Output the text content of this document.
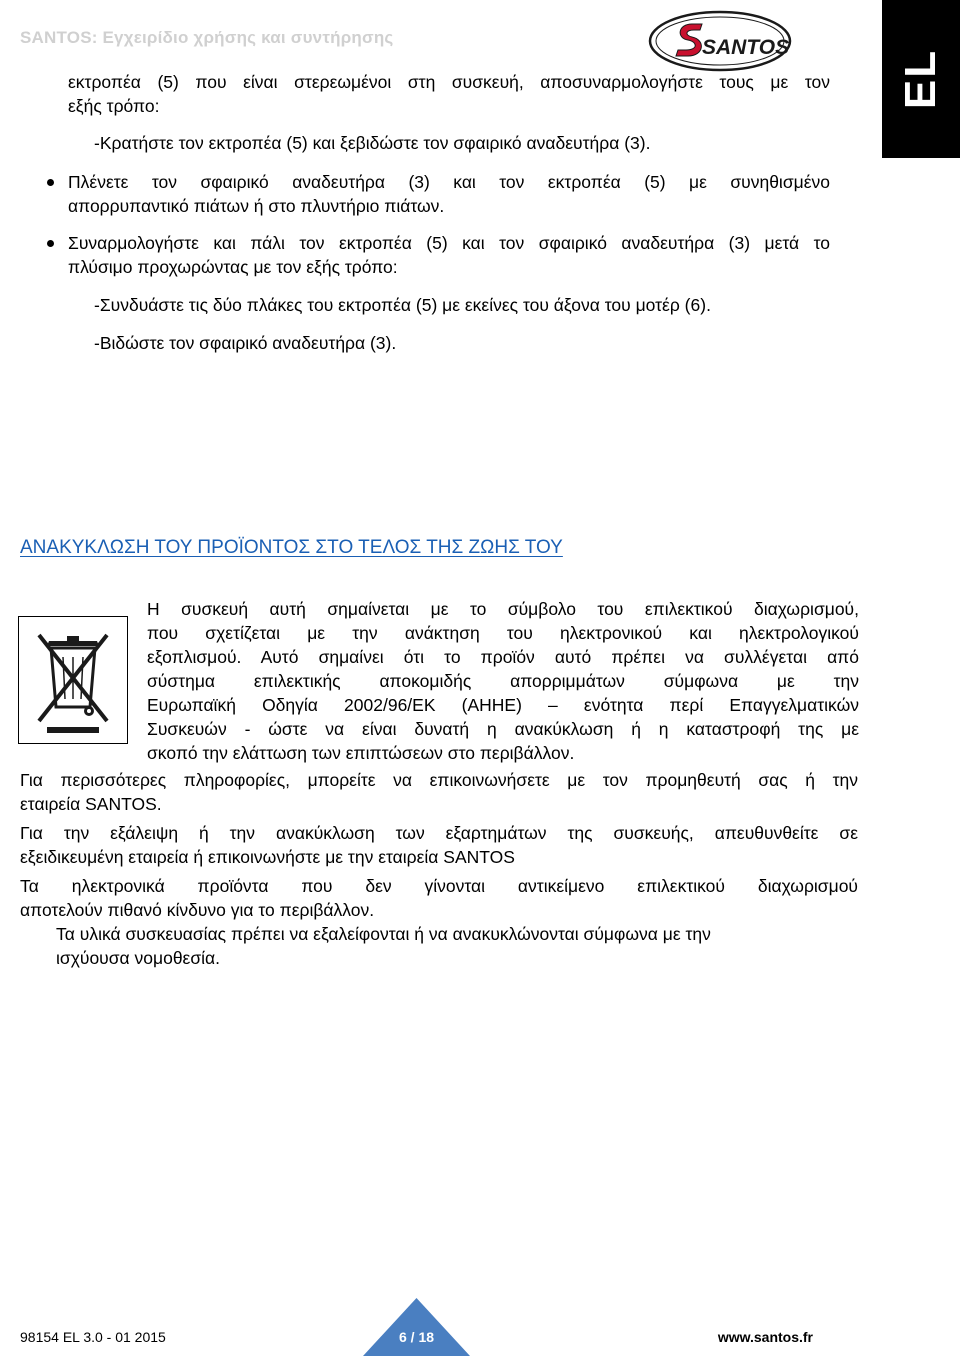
SANTOS: Εγχειρίδιο χρήσης και συντήρησης	SANTOS
EL
εκτροπέα (5) που είναι στερεωμένοι στη συσκευή, αποσυναρμολογήστε τους με τον
εξής τρόπο:
-Κρατήστε τον εκτροπέα (5) και ξεβιδώστε τον σφαιρικό αναδευτήρα (3).
Πλένετε τον σφαιρικό αναδευτήρα (3) και τον εκτροπέα (5) με συνηθισμένο
απορρυπαντικό πιάτων ή στο πλυντήριο πιάτων.
Συναρμολογήστε και πάλι τον εκτροπέα (5) και τον σφαιρικό αναδευτήρα (3) μετά το
πλύσιμο προχωρώντας με τον εξής τρόπο:
-Συνδυάστε τις δύο πλάκες του εκτροπέα (5) με εκείνες του άξονα του μοτέρ (6).
-Βιδώστε τον σφαιρικό αναδευτήρα (3).
ΑΝΑΚΥΚΛΩΣΗ ΤΟΥ ΠΡΟΪΟΝΤΟΣ ΣΤΟ ΤΕΛΟΣ ΤΗΣ ΖΩΗΣ ΤΟΥ
Η συσκευή αυτή σημαίνεται με το σύμβολο του επιλεκτικού διαχωρισμού,
που σχετίζεται με την ανάκτηση του ηλεκτρονικού και ηλεκτρολογικού
εξοπλισμού. Αυτό σημαίνει ότι το προϊόν αυτό πρέπει να συλλέγεται από
σύστημα επιλεκτικής αποκομιδής απορριμμάτων σύμφωνα με την
Ευρωπαϊκή Οδηγία 2002/96/ΕΚ (ΑΗΗΕ) – ενότητα περί Επαγγελματικών
Συσκευών - ώστε να είναι δυνατή η ανακύκλωση ή η καταστροφή της με
σκοπό την ελάττωση των επιπτώσεων στο περιβάλλον.
Για περισσότερες πληροφορίες, μπορείτε να επικοινωνήσετε με τον προμηθευτή σας ή την
εταιρεία SANTOS.
Για την εξάλειψη ή την ανακύκλωση των εξαρτημάτων της συσκευής, απευθυνθείτε σε
εξειδικευμένη εταιρεία ή επικοινωνήστε με την εταιρεία SANTOS
Τα ηλεκτρονικά προϊόντα που δεν γίνονται αντικείμενο επιλεκτικού διαχωρισμού
αποτελούν πιθανό κίνδυνο για το περιβάλλον.
Τα υλικά συσκευασίας πρέπει να εξαλείφονται ή να ανακυκλώνονται σύμφωνα με την
ισχύουσα νομοθεσία.
98154 EL 3.0 - 01 2015	6 / 18	www.santos.fr
